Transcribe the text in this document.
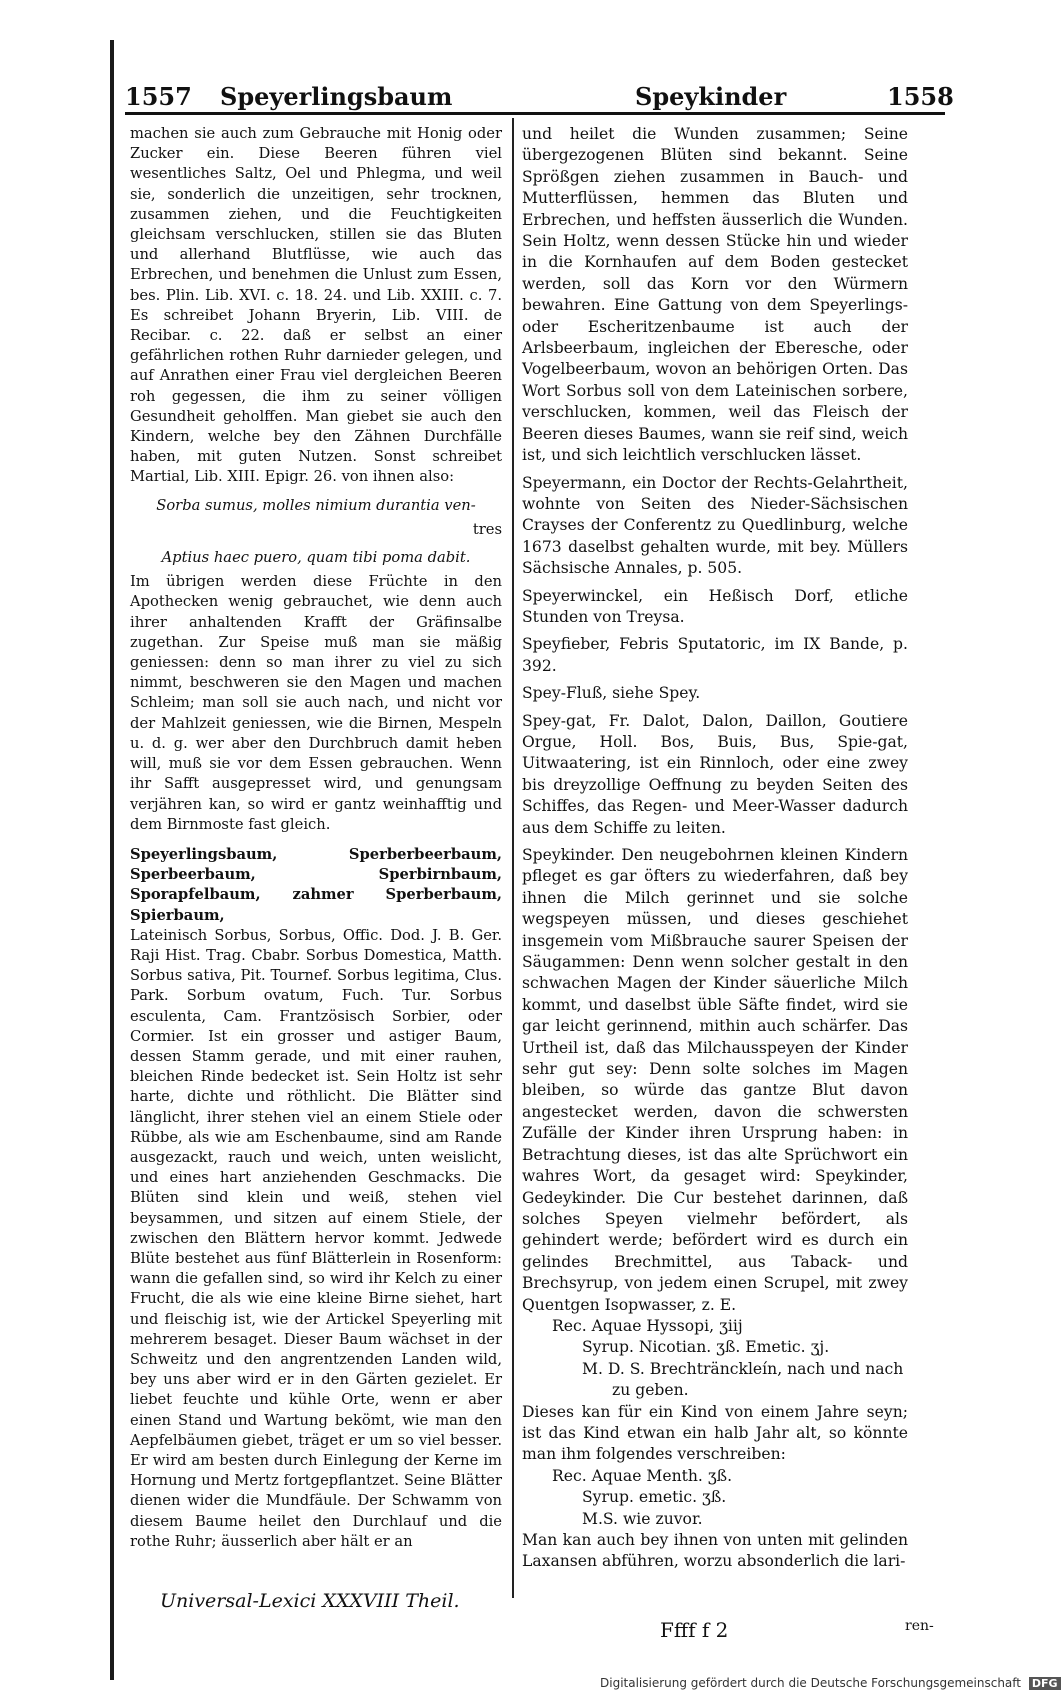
1557 Speyerlingsbaum	Speykinder	1558

machen sie auch zum Gebrauche mit Honig oder Zucker ein. Diese Beeren führen viel wesentliches Saltz, Oel und Phlegma, und weil sie, sonderlich die unzeitigen, sehr trocknen, zusammen ziehen, und die Feuchtigkeiten gleichsam verschlucken, stillen sie das Bluten und allerhand Blutflüsse, wie auch das Erbrechen, und benehmen die Unlust zum Essen, bes. Plin. Lib. XVI. c. 18. 24. und Lib. XXIII. c. 7. Es schreibet Johann Bryerin, Lib. VIII. de Recibar. c. 22. daß er selbst an einer gefährlichen rothen Ruhr darnieder gelegen, und auf Anrathen einer Frau viel dergleichen Beeren roh gegessen, die ihm zu seiner völligen Gesundheit geholffen. Man giebet sie auch den Kindern, welche bey den Zähnen Durchfälle haben, mit guten Nutzen. Sonst schreibet Martial, Lib. XIII. Epigr. 26. von ihnen also:

Sorba sumus, molles nimium durantia ven-

tres

Aptius haec puero, quam tibi poma dabit.

Im übrigen werden diese Früchte in den Apothecken wenig gebrauchet, wie denn auch ihrer anhaltenden Krafft der Gräfinsalbe zugethan. Zur Speise muß man sie mäßig geniessen: denn so man ihrer zu viel zu sich nimmt, beschweren sie den Magen und machen Schleim; man soll sie auch nach, und nicht vor der Mahlzeit geniessen, wie die Birnen, Mespeln u. d. g. wer aber den Durchbruch damit heben will, muß sie vor dem Essen gebrauchen. Wenn ihr Safft ausgepresset wird, und genungsam verjähren kan, so wird er gantz weinhafftig und dem Birnmoste fast gleich.

Speyerlingsbaum, Sperberbeerbaum, Sperbeerbaum, Sperbirnbaum, Sporapfelbaum, zahmer Sperberbaum, Spierbaum,

Lateinisch Sorbus, Sorbus, Offic. Dod. J. B. Ger. Raji Hist. Trag. Cbabr. Sorbus Domestica, Matth. Sorbus sativa, Pit. Tournef. Sorbus legitima, Clus. Park. Sorbum ovatum, Fuch. Tur. Sorbus esculenta, Cam. Frantzösisch Sorbier, oder Cormier. Ist ein grosser und astiger Baum, dessen Stamm gerade, und mit einer rauhen, bleichen Rinde bedecket ist. Sein Holtz ist sehr harte, dichte und röthlicht. Die Blätter sind länglicht, ihrer stehen viel an einem Stiele oder Rübbe, als wie am Eschenbaume, sind am Rande ausgezackt, rauch und weich, unten weislicht, und eines hart anziehenden Geschmacks. Die Blüten sind klein und weiß, stehen viel beysammen, und sitzen auf einem Stiele, der zwischen den Blättern hervor kommt. Jedwede Blüte bestehet aus fünf Blätterlein in Rosenform: wann die gefallen sind, so wird ihr Kelch zu einer Frucht, die als wie eine kleine Birne siehet, hart und fleischig ist, wie der Artickel Speyerling mit mehrerem besaget. Dieser Baum wächset in der Schweitz und den angrentzenden Landen wild, bey uns aber wird er in den Gärten gezielet. Er liebet feuchte und kühle Orte, wenn er aber einen Stand und Wartung bekömt, wie man den Aepfelbäumen giebet, träget er um so viel besser. Er wird am besten durch Einlegung der Kerne im Hornung und Mertz fortgepflantzet. Seine Blätter dienen wider die Mundfäule. Der Schwamm von diesem Baume heilet den Durchlauf und die rothe Ruhr; äusserlich aber hält er an

und heilet die Wunden zusammen; Seine übergezogenen Blüten sind bekannt. Seine Sprößgen ziehen zusammen in Bauch- und Mutterflüssen, hemmen das Bluten und Erbrechen, und heffsten äusserlich die Wunden. Sein Holtz, wenn dessen Stücke hin und wieder in die Kornhaufen auf dem Boden gestecket werden, soll das Korn vor den Würmern bewahren. Eine Gattung von dem Speyerlings- oder Escheritzenbaume ist auch der Arlsbeerbaum, ingleichen der Eberesche, oder Vogelbeerbaum, wovon an behörigen Orten. Das Wort Sorbus soll von dem Lateinischen sorbere, verschlucken, kommen, weil das Fleisch der Beeren dieses Baumes, wann sie reif sind, weich ist, und sich leichtlich verschlucken lässet.

Speyermann, ein Doctor der Rechts-Gelahrtheit, wohnte von Seiten des Nieder-Sächsischen Crayses der Conferentz zu Quedlinburg, welche 1673 daselbst gehalten wurde, mit bey. Müllers Sächsische Annales, p. 505.

Speyerwinckel, ein Heßisch Dorf, etliche Stunden von Treysa.

Speyfieber, Febris Sputatoric, im IX Bande, p. 392.

Spey-Fluß, siehe Spey.

Spey-gat, Fr. Dalot, Dalon, Daillon, Goutiere Orgue, Holl. Bos, Buis, Bus, Spie-gat, Uitwaatering, ist ein Rinnloch, oder eine zwey bis dreyzollige Oeffnung zu beyden Seiten des Schiffes, das Regen- und Meer-Wasser dadurch aus dem Schiffe zu leiten.

Speykinder. Den neugebohrnen kleinen Kindern pfleget es gar öfters zu wiederfahren, daß bey ihnen die Milch gerinnet und sie solche wegspeyen müssen, und dieses geschiehet insgemein vom Mißbrauche saurer Speisen der Säugammen: Denn wenn solcher gestalt in den schwachen Magen der Kinder säuerliche Milch kommt, und daselbst üble Säfte findet, wird sie gar leicht gerinnend, mithin auch schärfer. Das Urtheil ist, daß das Milchausspeyen der Kinder sehr gut sey: Denn solte solches im Magen bleiben, so würde das gantze Blut davon angestecket werden, davon die schwersten Zufälle der Kinder ihren Ursprung haben: in Betrachtung dieses, ist das alte Sprüchwort ein wahres Wort, da gesaget wird: Speykinder, Gedeykinder. Die Cur bestehet darinnen, daß solches Speyen vielmehr befördert, als gehindert werde; befördert wird es durch ein gelindes Brechmittel, aus Taback- und Brechsyrup, von jedem einen Scrupel, mit zwey Quentgen Isopwasser, z. E.

Rec. Aquae Hyssopi, ʒiij

Syrup. Nicotian. ʒß. Emetic. ʒj.

M. D. S. Brechtränckleín, nach und nach

zu geben.

Dieses kan für ein Kind von einem Jahre seyn; ist das Kind etwan ein halb Jahr alt, so könnte man ihm folgendes verschreiben:

Rec. Aquae Menth. ʒß.

Syrup. emetic. ʒß.

M.S. wie zuvor.

Man kan auch bey ihnen von unten mit gelinden Laxansen abführen, worzu absonderlich die lari-

Universal-Lexici XXXVIII Theil.
Ffff f 2	ren-
Digitalisierung gefördert durch die Deutsche Forschungsgemeinschaft DFG
